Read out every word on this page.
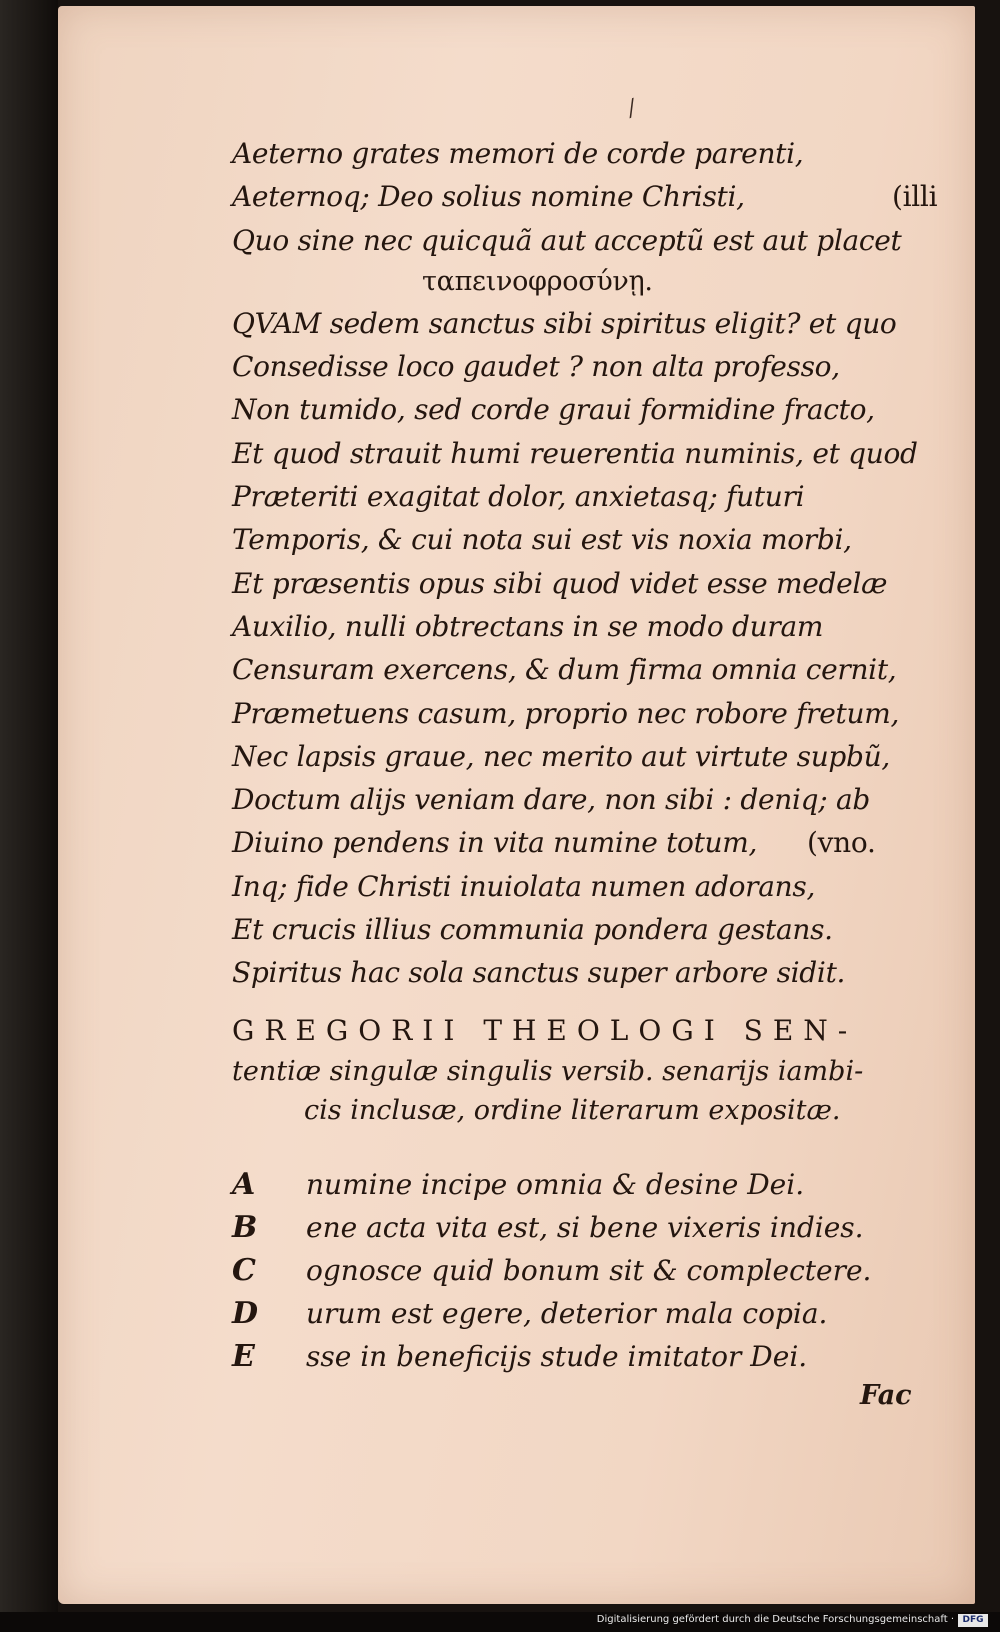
/
Aeterno grates memori de corde parenti,
Aeternoq; Deo solius nomine Christi,	(illi
Quo sine nec quicquã aut acceptũ est aut placet
ταπεινοφροσύνῃ.
QVAM sedem sanctus sibi spiritus eligit? et quo
Consedisse loco gaudet ? non alta professo,
Non tumido, sed corde graui formidine fracto,
Et quod strauit humi reuerentia numinis, et quod
Præteriti exagitat dolor, anxietasq; futuri
Temporis, & cui nota sui est vis noxia morbi,
Et præsentis opus sibi quod videt esse medelæ
Auxilio, nulli obtrectans in se modo duram
Censuram exercens, & dum firma omnia cernit,
Præmetuens casum, proprio nec robore fretum,
Nec lapsis graue, nec merito aut virtute supbũ,
Doctum alijs veniam dare, non sibi : deniq; ab
Diuino pendens in vita numine totum, (vno.
Inq; fide Christi inuiolata numen adorans,
Et crucis illius communia pondera gestans.
Spiritus hac sola sanctus super arbore sidit.
GREGORII THEOLOGI SEN-
tentiæ singulæ singulis versib. senarijs iambi-
cis inclusæ, ordine literarum expositæ.
A	numine incipe omnia & desine Dei.
B	ene acta vita est, si bene vixeris indies.
C	ognosce quid bonum sit & complectere.
D	urum est egere, deterior mala copia.
E	sse in beneficijs stude imitator Dei.
Fac
Digitalisierung gefördert durch die Deutsche Forschungsgemeinschaft · DFG
